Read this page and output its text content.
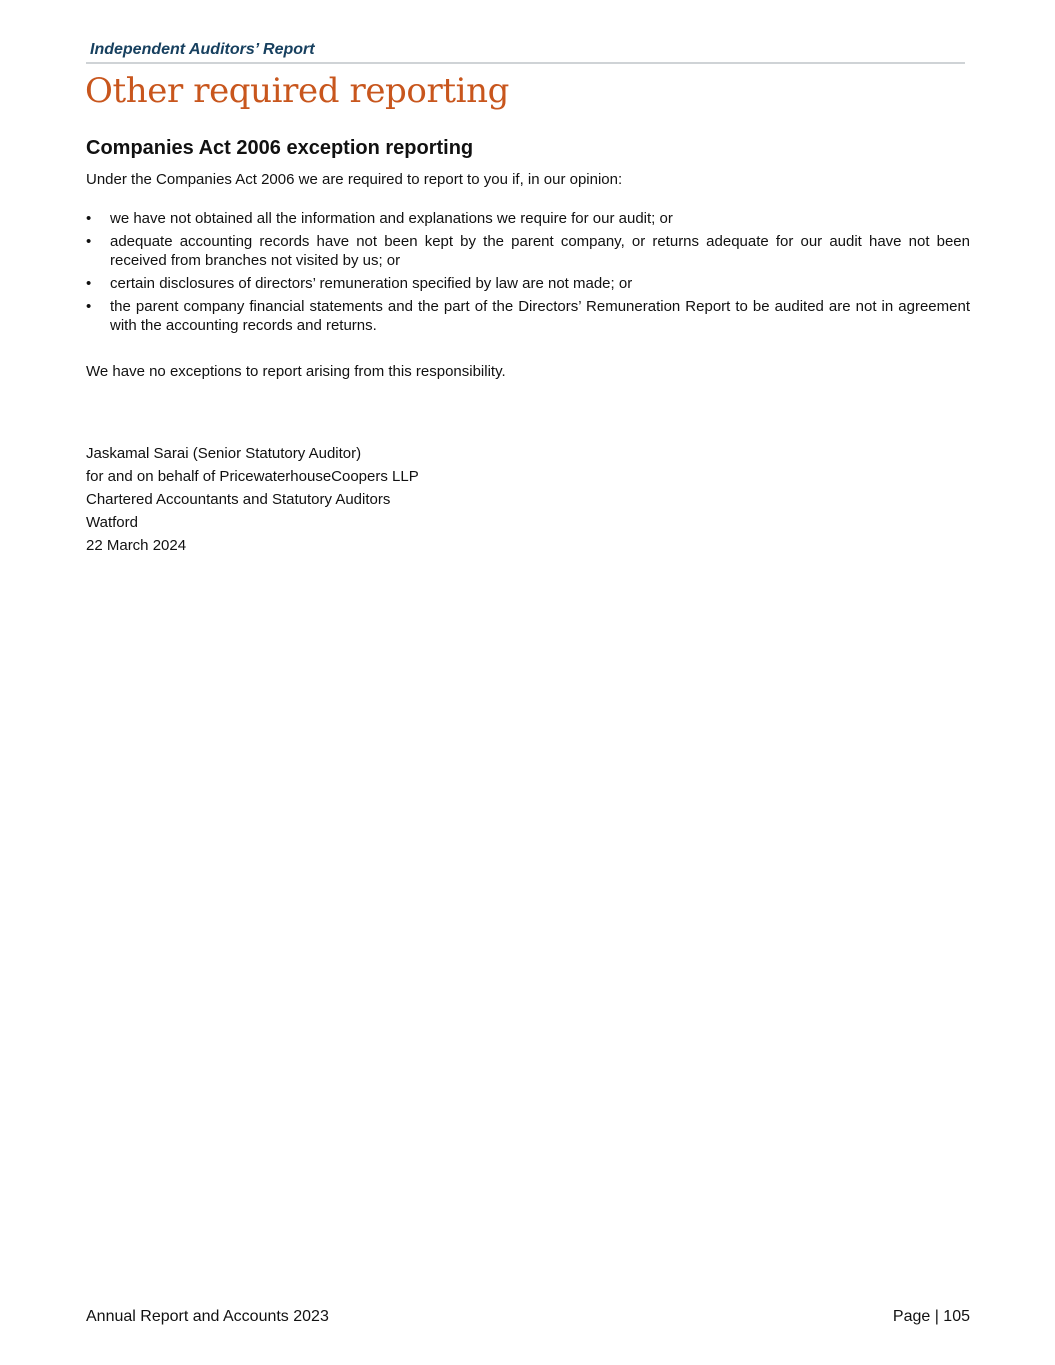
Independent Auditors’ Report
Other required reporting
Companies Act 2006 exception reporting
Under the Companies Act 2006 we are required to report to you if, in our opinion:
• we have not obtained all the information and explanations we require for our audit; or
• adequate accounting records have not been kept by the parent company, or returns adequate for our audit have not been received from branches not visited by us; or
• certain disclosures of directors’ remuneration specified by law are not made; or
• the parent company financial statements and the part of the Directors’ Remuneration Report to be audited are not in agreement with the accounting records and returns.
We have no exceptions to report arising from this responsibility.
Jaskamal Sarai (Senior Statutory Auditor)
for and on behalf of PricewaterhouseCoopers LLP
Chartered Accountants and Statutory Auditors
Watford
22 March 2024
Annual Report and Accounts 2023	Page | 105
